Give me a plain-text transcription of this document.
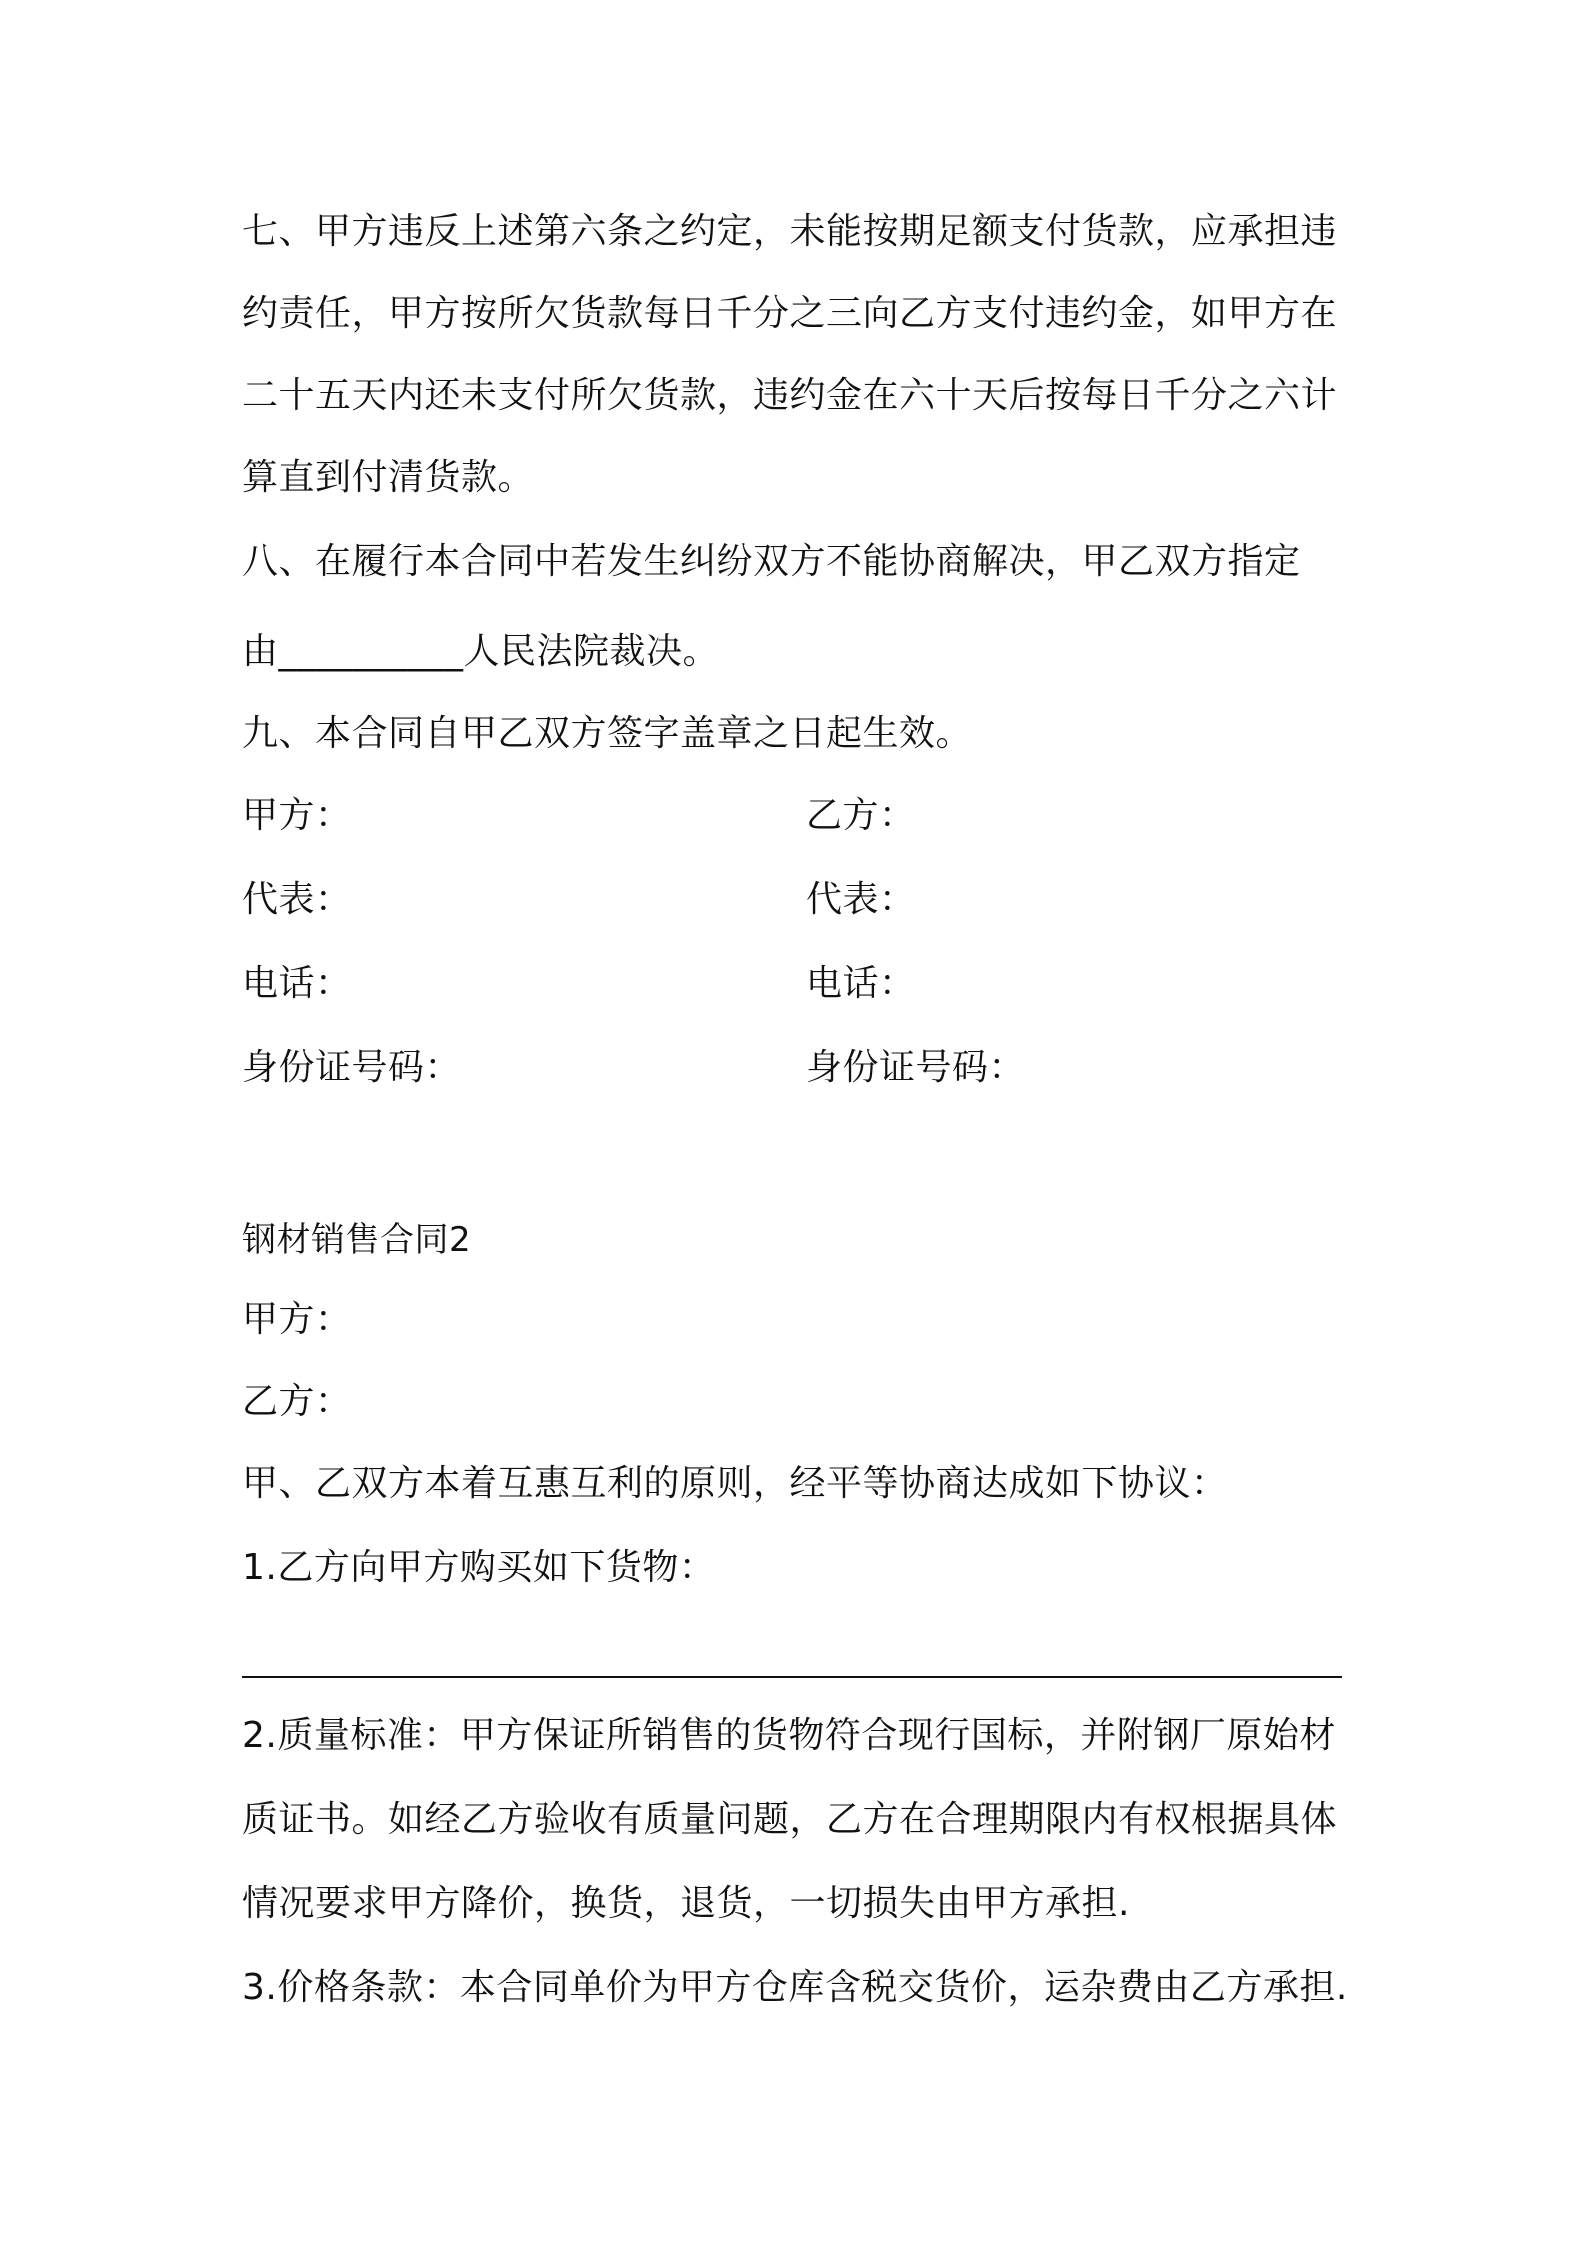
七、甲方违反上述第六条之约定，未能按期足额支付货款，应承担违
约责任，甲方按所欠货款每日千分之三向乙方支付违约金，如甲方在
二十五天内还未支付所欠货款，违约金在六十天后按每日千分之六计
算直到付清货款。
八、在履行本合同中若发生纠纷双方不能协商解决，甲乙双方指定
由__________人民法院裁决。
九、本合同自甲乙双方签字盖章之日起生效。
甲方：
代表：
电话：
身份证号码：
乙方：
代表：
电话：
身份证号码：
钢材销售合同2
甲方：
乙方：
甲、乙双方本着互惠互利的原则，经平等协商达成如下协议：
1.乙方向甲方购买如下货物：
2.质量标准：甲方保证所销售的货物符合现行国标，并附钢厂原始材
质证书。如经乙方验收有质量问题，乙方在合理期限内有权根据具体
情况要求甲方降价，换货，退货，一切损失由甲方承担.
3.价格条款：本合同单价为甲方仓库含税交货价，运杂费由乙方承担.
